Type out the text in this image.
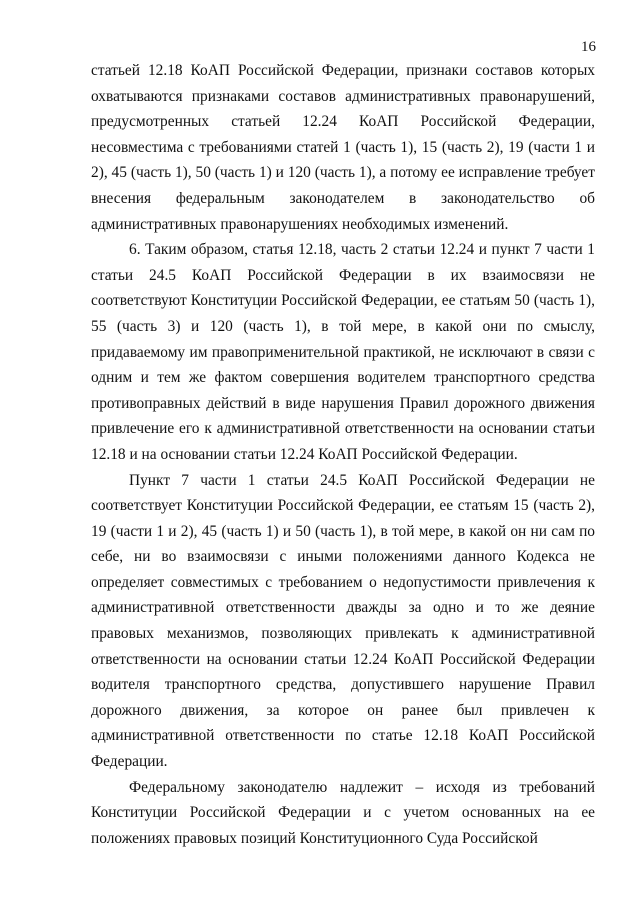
16

статьей 12.18 КоАП Российской Федерации, признаки составов которых охватываются признаками составов административных правонарушений, предусмотренных статьей 12.24 КоАП Российской Федерации, несовместима с требованиями статей 1 (часть 1), 15 (часть 2), 19 (части 1 и 2), 45 (часть 1), 50 (часть 1) и 120 (часть 1), а потому ее исправление требует внесения федеральным законодателем в законодательство об административных правонарушениях необходимых изменений.

6. Таким образом, статья 12.18, часть 2 статьи 12.24 и пункт 7 части 1 статьи 24.5 КоАП Российской Федерации в их взаимосвязи не соответствуют Конституции Российской Федерации, ее статьям 50 (часть 1), 55 (часть 3) и 120 (часть 1), в той мере, в какой они по смыслу, придаваемому им правоприменительной практикой, не исключают в связи с одним и тем же фактом совершения водителем транспортного средства противоправных действий в виде нарушения Правил дорожного движения привлечение его к административной ответственности на основании статьи 12.18 и на основании статьи 12.24 КоАП Российской Федерации.

Пункт 7 части 1 статьи 24.5 КоАП Российской Федерации не соответствует Конституции Российской Федерации, ее статьям 15 (часть 2), 19 (части 1 и 2), 45 (часть 1) и 50 (часть 1), в той мере, в какой он ни сам по себе, ни во взаимосвязи с иными положениями данного Кодекса не определяет совместимых с требованием о недопустимости привлечения к административной ответственности дважды за одно и то же деяние правовых механизмов, позволяющих привлекать к административной ответственности на основании статьи 12.24 КоАП Российской Федерации водителя транспортного средства, допустившего нарушение Правил дорожного движения, за которое он ранее был привлечен к административной ответственности по статье 12.18 КоАП Российской Федерации.

Федеральному законодателю надлежит – исходя из требований Конституции Российской Федерации и с учетом основанных на ее положениях правовых позиций Конституционного Суда Российской
